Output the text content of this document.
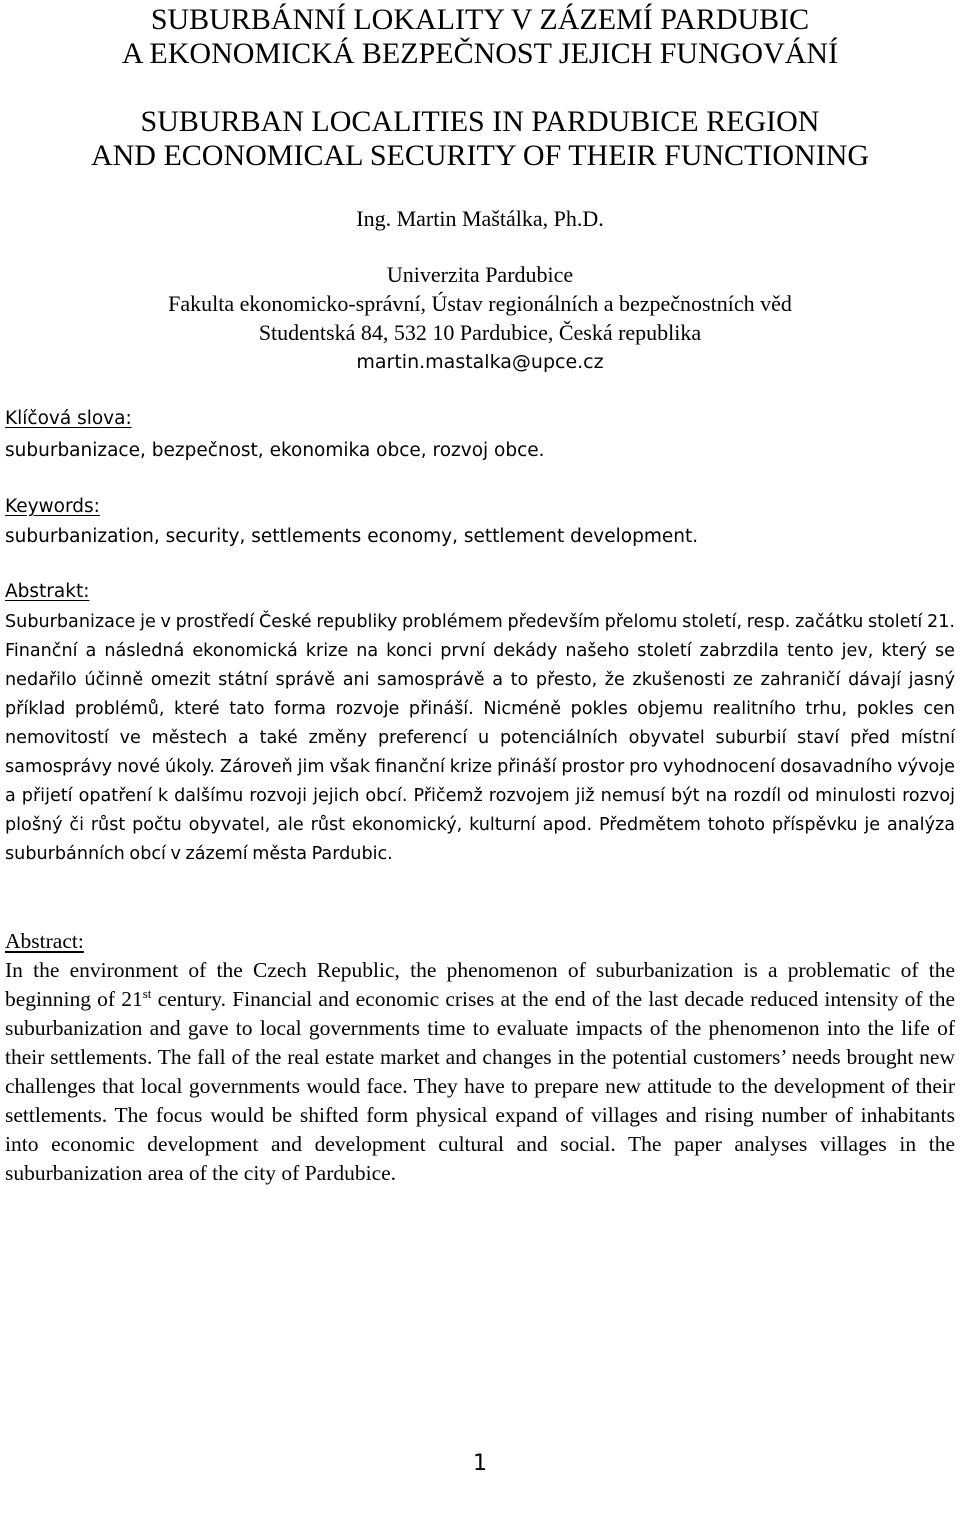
SUBURBÁNNÍ LOKALITY V ZÁZEMÍ PARDUBIC
A EKONOMICKÁ BEZPEČNOST JEJICH FUNGOVÁNÍ
SUBURBAN LOCALITIES IN PARDUBICE REGION
AND ECONOMICAL SECURITY OF THEIR FUNCTIONING
Ing. Martin Maštálka, Ph.D.
Univerzita Pardubice
Fakulta ekonomicko-správní, Ústav regionálních a bezpečnostních věd
Studentská 84, 532 10 Pardubice, Česká republika
martin.mastalka@upce.cz
Klíčová slova:
suburbanizace, bezpečnost, ekonomika obce, rozvoj obce.
Keywords:
suburbanization, security, settlements economy, settlement development.
Abstrakt:

Suburbanizace je v prostředí České republiky problémem především přelomu století, resp. začátku století 21. Finanční a následná ekonomická krize na konci první dekády našeho století zabrzdila tento jev, který se nedařilo účinně omezit státní správě ani samosprávě a to přesto, že zkušenosti ze zahraničí dávají jasný příklad problémů, které tato forma rozvoje přináší. Nicméně pokles objemu realitního trhu, pokles cen nemovitostí ve městech a také změny preferencí u potenciálních obyvatel suburbií staví před místní samosprávy nové úkoly. Zároveň jim však finanční krize přináší prostor pro vyhodnocení dosavadního vývoje a přijetí opatření k dalšímu rozvoji jejich obcí. Přičemž rozvojem již nemusí být na rozdíl od minulosti rozvoj plošný či růst počtu obyvatel, ale růst ekonomický, kulturní apod. Předmětem tohoto příspěvku je analýza suburbánních obcí v zázemí města Pardubic.

Abstract:

In the environment of the Czech Republic, the phenomenon of suburbanization is a problematic of the beginning of 21st century. Financial and economic crises at the end of the last decade reduced intensity of the suburbanization and gave to local governments time to evaluate impacts of the phenomenon into the life of their settlements. The fall of the real estate market and changes in the potential customers’ needs brought new challenges that local governments would face. They have to prepare new attitude to the development of their settlements. The focus would be shifted form physical expand of villages and rising number of inhabitants into economic development and development cultural and social. The paper analyses villages in the suburbanization area of the city of Pardubice.

1
